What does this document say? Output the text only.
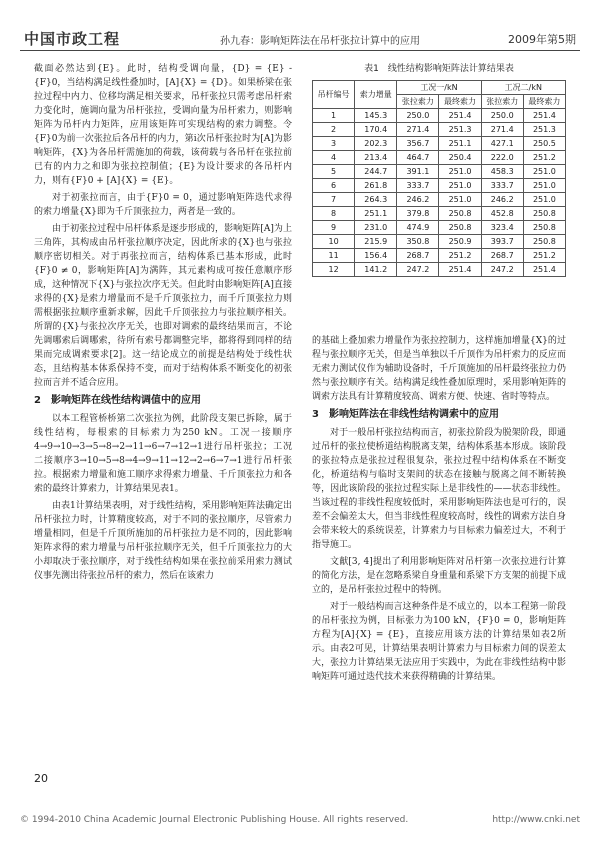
中国市政工程	孙九春：影响矩阵法在吊杆张拉计算中的应用	2009年第5期

截面必然达到{E}。此时，结构受调向量，{D} = {E} - {F}0，当结构满足线性叠加时，[A]{X} = {D}。如果桥梁在张拉过程中内力、位移均满足相关要求，吊杆张拉只需考虑吊杆索力变化时，施调向量为吊杆张拉，受调向量为吊杆索力，则影响矩阵为吊杆内力矩阵，应用该矩阵可实现结构的索力调整。令{F}0为前一次张拉后各吊杆的内力，第i次吊杆张拉时为[A]为影响矩阵，{X}为各吊杆需施加的荷载，该荷载与各吊杆在张拉前已有的内力之和即为张拉控制值；{E}为设计要求的各吊杆内力，则有{F}0 + [A]{X} = {E}。

对于初张拉而言，由于{F}0 = 0，通过影响矩阵迭代求得的索力增量{X}即为千斤顶张拉力，两者是一致的。

由于初张拉过程中吊杆体系是逐步形成的，影响矩阵[A]为上三角阵，其构成由吊杆张拉顺序决定，因此所求的{X}也与张拉顺序密切相关。对于再张拉而言，结构体系已基本形成，此时{F}0 ≠ 0，影响矩阵[A]为满阵，其元素构成可按任意顺序形成，这种情况下{X}与张拉次序无关。但此时由影响矩阵[A]直接求得的{X}是索力增量而不是千斤顶张拉力，而千斤顶张拉力则需根据张拉顺序重新求解，因此千斤顶张拉力与张拉顺序相关。所谓的{X}与张拉次序无关，也即对调索的最终结果而言，不论先调哪索后调哪索，待所有索号都调整完毕，都将得到同样的结果而完成调索要求[2]。这一结论成立的前提是结构处于线性状态，且结构基本体系保持不变，而对于结构体系不断变化的初张拉而言并不适合应用。

2　影响矩阵在线性结构调值中的应用

以本工程管桥桥第二次张拉为例，此阶段支架已拆除，属于线性结构，每根索的目标索力为250 kN。工况一接顺序4→9→10→3→5→8→2→11→6→7→12→1进行吊杆张拉；工况二接顺序3→10→5→8→4→9→11→12→2→6→7→1进行吊杆张拉。根据索力增量和施工顺序求得索力增量、千斤顶张拉力和各索的最终计算索力，计算结果见表1。

由表1计算结果表明，对于线性结构，采用影响矩阵法确定出吊杆张拉力时，计算精度较高，对于不同的张拉顺序，尽管索力增量相同，但是千斤顶所施加的吊杆张拉力是不同的，因此影响矩阵求得的索力增量与吊杆张拉顺序无关，但千斤顶张拉力的大小却取决于张拉顺序，对于线性结构如果在张拉前采用索力测试仪事先测出待张拉吊杆的索力，然后在该索力

表1　线性结构影响矩阵法计算结果表
吊杆编号	索力增量	工况一/kN		工况二/kN	
		张拉索力	最终索力	张拉索力	最终索力
1	145.3	250.0	251.4	250.0	251.4
2	170.4	271.4	251.3	271.4	251.3
3	202.3	356.7	251.1	427.1	250.5
4	213.4	464.7	250.4	222.0	251.2
5	244.7	391.1	251.0	458.3	251.0
6	261.8	333.7	251.0	333.7	251.0
7	264.3	246.2	251.0	246.2	251.0
8	251.1	379.8	250.8	452.8	250.8
9	231.0	474.9	250.8	323.4	250.8
10	215.9	350.8	250.9	393.7	250.8
11	156.4	268.7	251.2	268.7	251.2
12	141.2	247.2	251.4	247.2	251.4

的基础上叠加索力增量作为张拉控制力，这样施加增量{X}的过程与张拉顺序无关，但是当单独以千斤顶作为吊杆索力的反应而无索力测试仪作为辅助设备时，千斤顶施加的吊杆最终张拉力仍然与张拉顺序有关。结构满足线性叠加原理时，采用影响矩阵的调索方法具有计算精度较高、调索方便、快速、省时等特点。

3　影响矩阵法在非线性结构调索中的应用

对于一般吊杆张拉结构而言，初张拉阶段为脱架阶段，即通过吊杆的张拉使桥道结构脱离支架，结构体系基本形成。该阶段的张拉特点是张拉过程很复杂，张拉过程中结构体系在不断变化，桥道结构与临时支架间的状态在接触与脱离之间不断转换等，因此该阶段的张拉过程实际上是非线性的——状态非线性。当该过程的非线性程度较低时，采用影响矩阵法也是可行的，误差不会偏差太大，但当非线性程度较高时，线性的调索方法自身会带来较大的系统误差，计算索力与目标索力偏差过大，不利于指导施工。

文献[3, 4]提出了利用影响矩阵对吊杆第一次张拉进行计算的简化方法，是在忽略系梁自身重量和系梁下方支架的前提下成立的，是吊杆张拉过程中的特例。

对于一般结构而言这种条件是不成立的，以本工程第一阶段的吊杆张拉为例，目标张力为100 kN，{F}0 = 0，影响矩阵方程为[A]{X} = {E}，直接应用该方法的计算结果如表2所示。由表2可见，计算结果表明计算索力与目标索力间的误差太大，张拉力计算结果无法应用于实践中，为此在非线性结构中影响矩阵可通过迭代技术来获得精确的计算结果。

20
© 1994-2010 China Academic Journal Electronic Publishing House. All rights reserved.	http://www.cnki.net
